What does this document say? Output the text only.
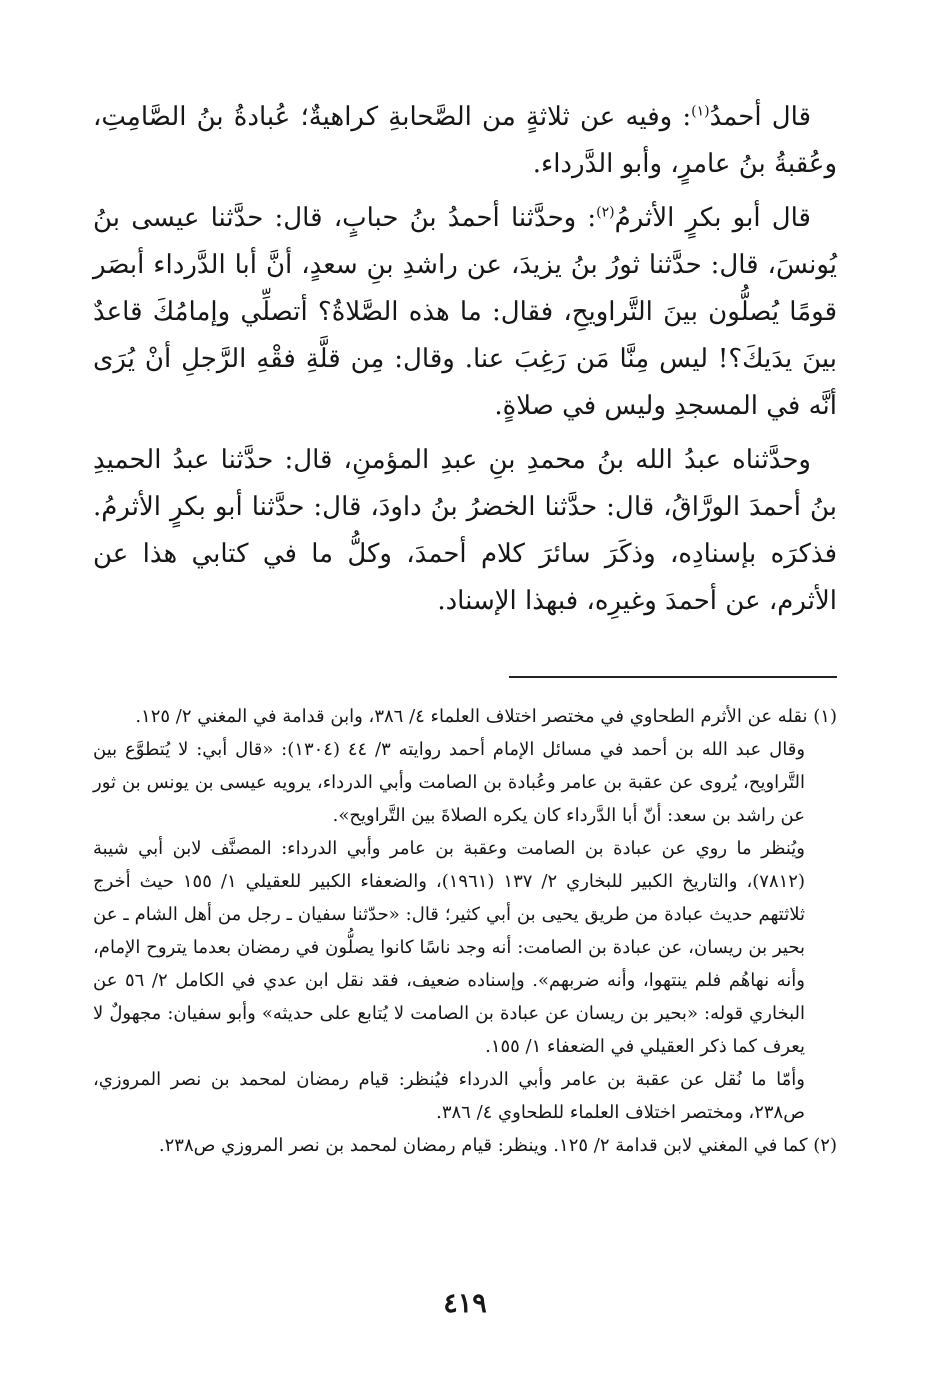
قال أحمدُ$^{(١)}$: وفيه عن ثلاثةٍ من الصَّحابةِ كراهيةٌ؛ عُبادةُ بنُ الصَّامِتِ، وعُقبةُ بنُ عامرٍ، وأبو الدَّرداء.

قال أبو بكرٍ الأثرمُ$^{(٢)}$: وحدَّثنا أحمدُ بنُ حبابٍ، قال: حدَّثنا عيسى بنُ يُونسَ، قال: حدَّثنا ثورُ بنُ يزيدَ، عن راشدِ بنِ سعدٍ، أنَّ أبا الدَّرداء أبصَر قومًا يُصلُّون بينَ التَّراويحِ، فقال: ما هذه الصَّلاةُ؟ أتصلِّي وإمامُكَ قاعدٌ بينَ يدَيكَ؟! ليس مِنَّا مَن رَغِبَ عنا. وقال: مِن قلَّةِ فقْهِ الرَّجلِ أنْ يُرَى أنَّه في المسجدِ وليس في صلاةٍ.

وحدَّثناه عبدُ الله بنُ محمدِ بنِ عبدِ المؤمنِ، قال: حدَّثنا عبدُ الحميدِ بنُ أحمدَ الورَّاقُ، قال: حدَّثنا الخضرُ بنُ داودَ، قال: حدَّثنا أبو بكرٍ الأثرمُ. فذكرَه بإسنادِه، وذكَرَ سائرَ كلام أحمدَ، وكلُّ ما في كتابي هذا عن الأثرم، عن أحمدَ وغيرِه، فبهذا الإسناد.

(١) نقله عن الأثرم الطحاوي في مختصر اختلاف العلماء ٤/ ٣٨٦، وابن قدامة في المغني ٢/ ١٢٥.

وقال عبد الله بن أحمد في مسائل الإمام أحمد روايته ٣/ ٤٤ (١٣٠٤): «قال أبي: لا يُتطوَّع بين التَّراويح، يُروى عن عقبة بن عامر وعُبادة بن الصامت وأبي الدرداء، يرويه عيسى بن يونس بن ثور عن راشد بن سعد: أنّ أبا الدَّرداء كان يكره الصلاةَ بين التَّراويح».

ويُنظر ما روي عن عبادة بن الصامت وعقبة بن عامر وأبي الدرداء: المصنَّف لابن أبي شيبة (٧٨١٢)، والتاريخ الكبير للبخاري ٢/ ١٣٧ (١٩٦١)، والضعفاء الكبير للعقيلي ١/ ١٥٥ حيث أخرج ثلاثتهم حديث عبادة من طريق يحيى بن أبي كثير؛ قال: «حدّثنا سفيان ـ رجل من أهل الشام ـ عن بحير بن ريسان، عن عبادة بن الصامت: أنه وجد ناسًا كانوا يصلُّون في رمضان بعدما يتروح الإمام، وأنه نهاهُم فلم ينتهوا، وأنه ضربهم». وإسناده ضعيف، فقد نقل ابن عدي في الكامل ٢/ ٥٦ عن البخاري قوله: «بحير بن ريسان عن عبادة بن الصامت لا يُتابع على حديثه» وأبو سفيان: مجهولٌ لا يعرف كما ذكر العقيلي في الضعفاء ١/ ١٥٥.

وأمّا ما نُقل عن عقبة بن عامر وأبي الدرداء فيُنظر: قيام رمضان لمحمد بن نصر المروزي، ص٢٣٨، ومختصر اختلاف العلماء للطحاوي ٤/ ٣٨٦.

(٢) كما في المغني لابن قدامة ٢/ ١٢٥. وينظر: قيام رمضان لمحمد بن نصر المروزي ص٢٣٨.

٤١٩
